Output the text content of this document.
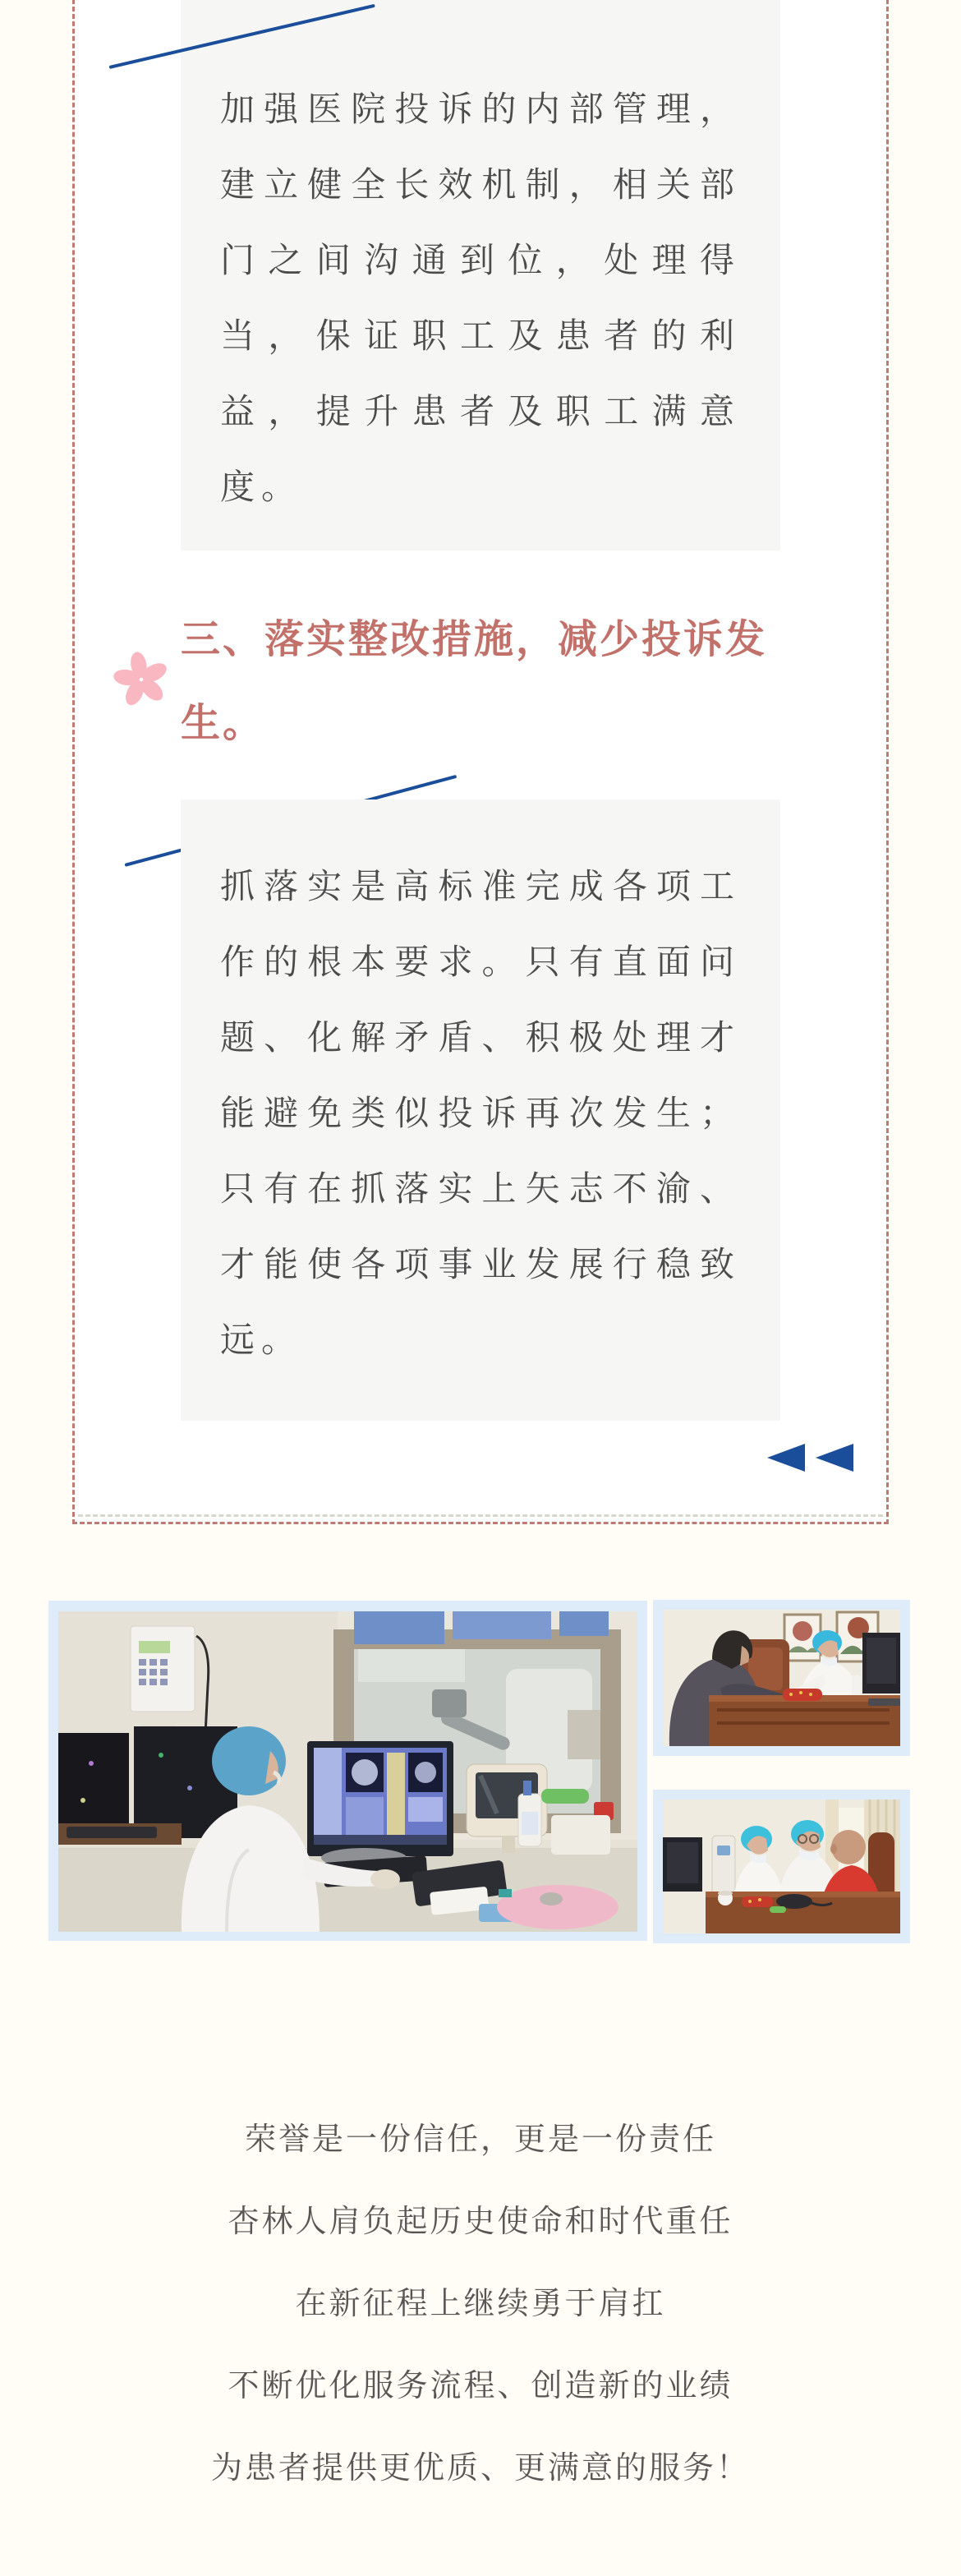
加强医院投诉的内部管理，建立健全长效机制，相关部门之间沟通到位，处理得当，保证职工及患者的利益，提升患者及职工满意度。

三、落实整改措施，减少投诉发
生。

抓落实是高标准完成各项工作的根本要求。只有直面问题、化解矛盾、积极处理才能避免类似投诉再次发生；只有在抓落实上矢志不渝、才能使各项事业发展行稳致远。

荣誉是一份信任，更是一份责任
杏林人肩负起历史使命和时代重任
在新征程上继续勇于肩扛
不断优化服务流程、创造新的业绩
为患者提供更优质、更满意的服务！
